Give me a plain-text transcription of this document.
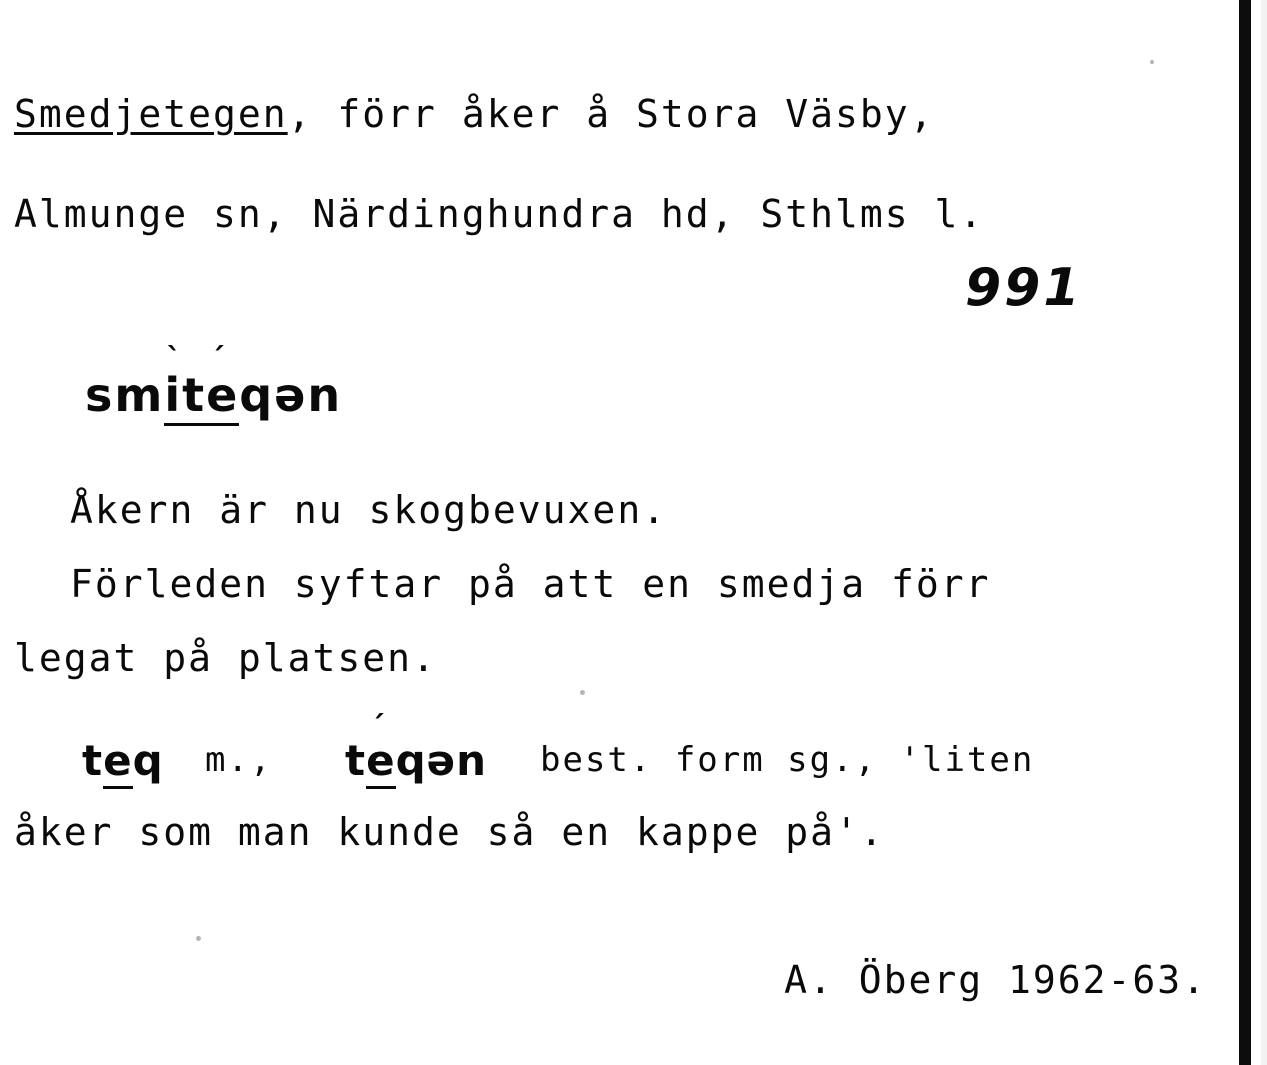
Smedjetegen, förr åker å Stora Väsby,
Almunge sn, Närdinghundra hd, Sthlms l.
991
smˋ itˊ eqən
Åkern är nu skogbevuxen.
Förleden syftar på att en smedja förr
legat på platsen.
teq	tˊ eqən
m.,	best. form sg., 'liten
åker som man kunde så en kappe på'.
A. Öberg 1962-63.
